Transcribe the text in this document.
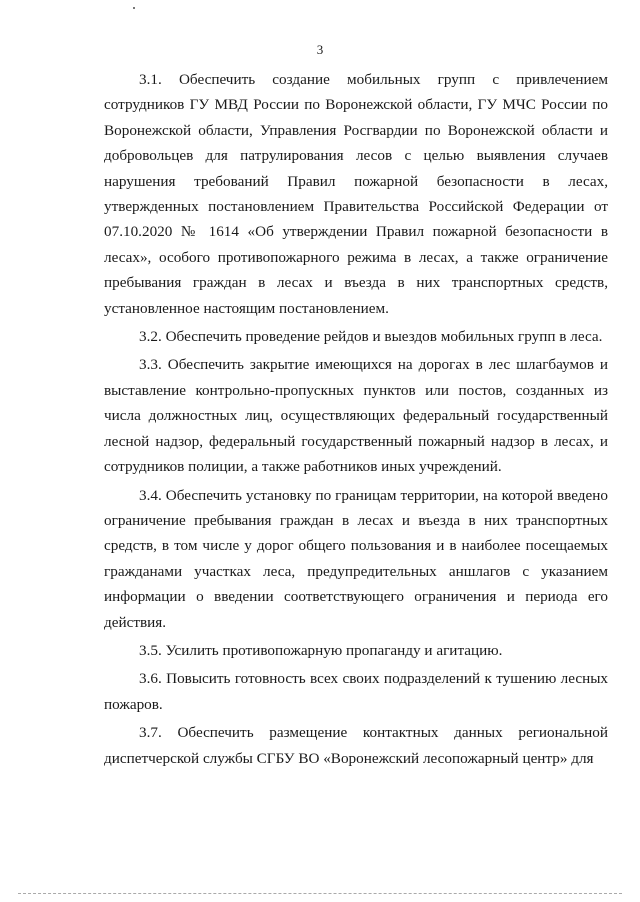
3

3.1. Обеспечить создание мобильных групп с привлечением сотрудников ГУ МВД России по Воронежской области, ГУ МЧС России по Воронежской области, Управления Росгвардии по Воронежской области и добровольцев для патрулирования лесов с целью выявления случаев нарушения требований Правил пожарной безопасности в лесах, утвержденных постановлением Правительства Российской Федерации от 07.10.2020 № 1614 «Об утверждении Правил пожарной безопасности в лесах», особого противопожарного режима в лесах, а также ограничение пребывания граждан в лесах и въезда в них транспортных средств, установленное настоящим постановлением.

3.2. Обеспечить проведение рейдов и выездов мобильных групп в леса.

3.3. Обеспечить закрытие имеющихся на дорогах в лес шлагбаумов и выставление контрольно-пропускных пунктов или постов, созданных из числа должностных лиц, осуществляющих федеральный государственный лесной надзор, федеральный государственный пожарный надзор в лесах, и сотрудников полиции, а также работников иных учреждений.

3.4. Обеспечить установку по границам территории, на которой введено ограничение пребывания граждан в лесах и въезда в них транспортных средств, в том числе у дорог общего пользования и в наиболее посещаемых гражданами участках леса, предупредительных аншлагов с указанием информации о введении соответствующего ограничения и периода его действия.

3.5. Усилить противопожарную пропаганду и агитацию.

3.6. Повысить готовность всех своих подразделений к тушению лесных пожаров.

3.7. Обеспечить размещение контактных данных региональной диспетчерской службы СГБУ ВО «Воронежский лесопожарный центр» для
